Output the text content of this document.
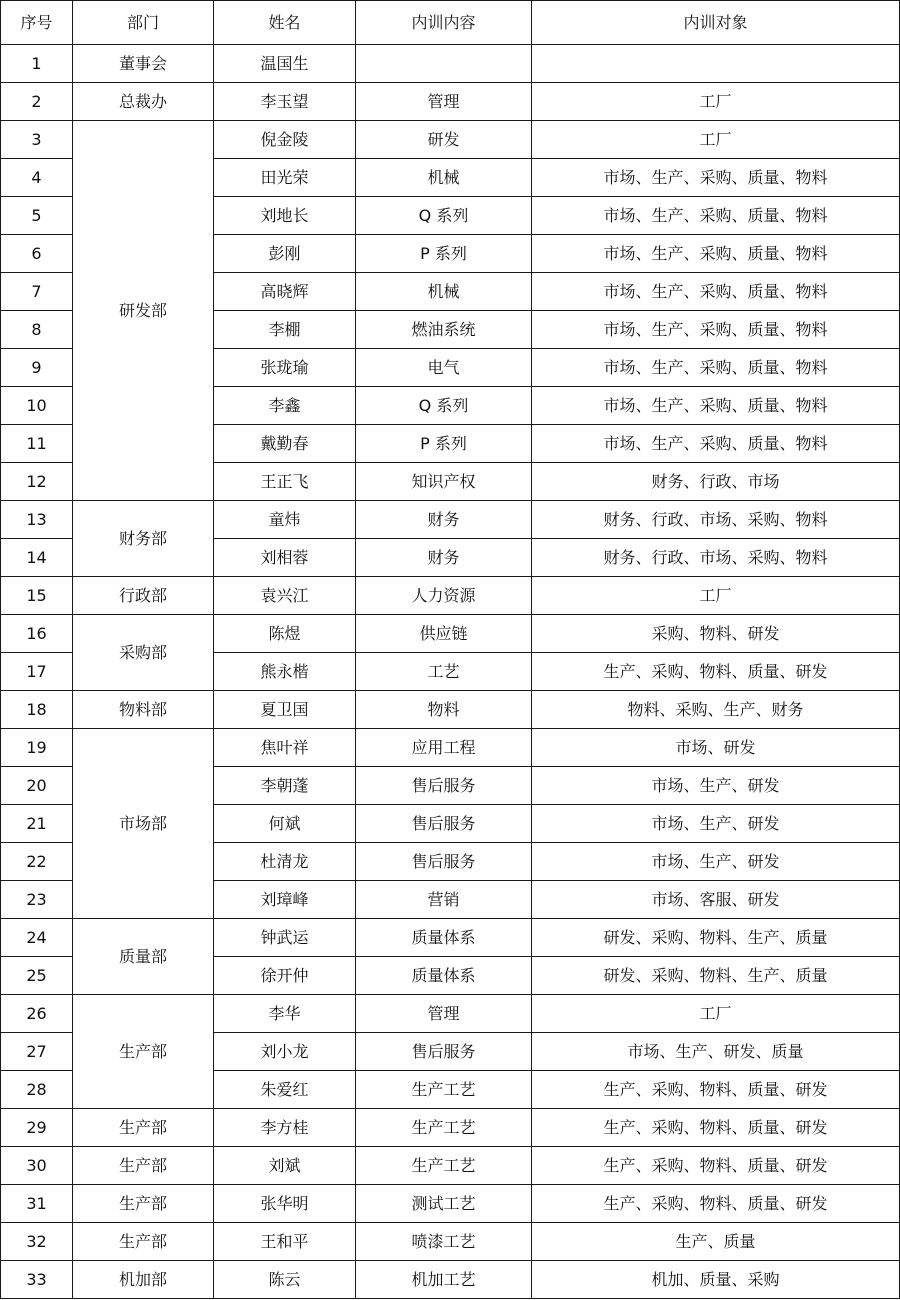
序号	部门	姓名	内训内容	内训对象
1	董事会	温国生		
2	总裁办	李玉望	管理	工厂
3	研发部	倪金陵	研发	工厂
4		田光荣	机械	市场、生产、采购、质量、物料
5		刘地长	Q 系列	市场、生产、采购、质量、物料
6		彭刚	P 系列	市场、生产、采购、质量、物料
7		高晓辉	机械	市场、生产、采购、质量、物料
8		李棚	燃油系统	市场、生产、采购、质量、物料
9		张珑瑜	电气	市场、生产、采购、质量、物料
10		李鑫	Q 系列	市场、生产、采购、质量、物料
11		戴勤春	P 系列	市场、生产、采购、质量、物料
12		王正飞	知识产权	财务、行政、市场
13	财务部	童炜	财务	财务、行政、市场、采购、物料
14		刘相蓉	财务	财务、行政、市场、采购、物料
15	行政部	袁兴江	人力资源	工厂
16	采购部	陈煜	供应链	采购、物料、研发
17		熊永楷	工艺	生产、采购、物料、质量、研发
18	物料部	夏卫国	物料	物料、采购、生产、财务
19	市场部	焦叶祥	应用工程	市场、研发
20		李朝蓬	售后服务	市场、生产、研发
21		何斌	售后服务	市场、生产、研发
22		杜清龙	售后服务	市场、生产、研发
23		刘璋峰	营销	市场、客服、研发
24	质量部	钟武运	质量体系	研发、采购、物料、生产、质量
25		徐开仲	质量体系	研发、采购、物料、生产、质量
26	生产部	李华	管理	工厂
27		刘小龙	售后服务	市场、生产、研发、质量
28		朱爱红	生产工艺	生产、采购、物料、质量、研发
29	生产部	李方桂	生产工艺	生产、采购、物料、质量、研发
30	生产部	刘斌	生产工艺	生产、采购、物料、质量、研发
31	生产部	张华明	测试工艺	生产、采购、物料、质量、研发
32	生产部	王和平	喷漆工艺	生产、质量
33	机加部	陈云	机加工艺	机加、质量、采购
